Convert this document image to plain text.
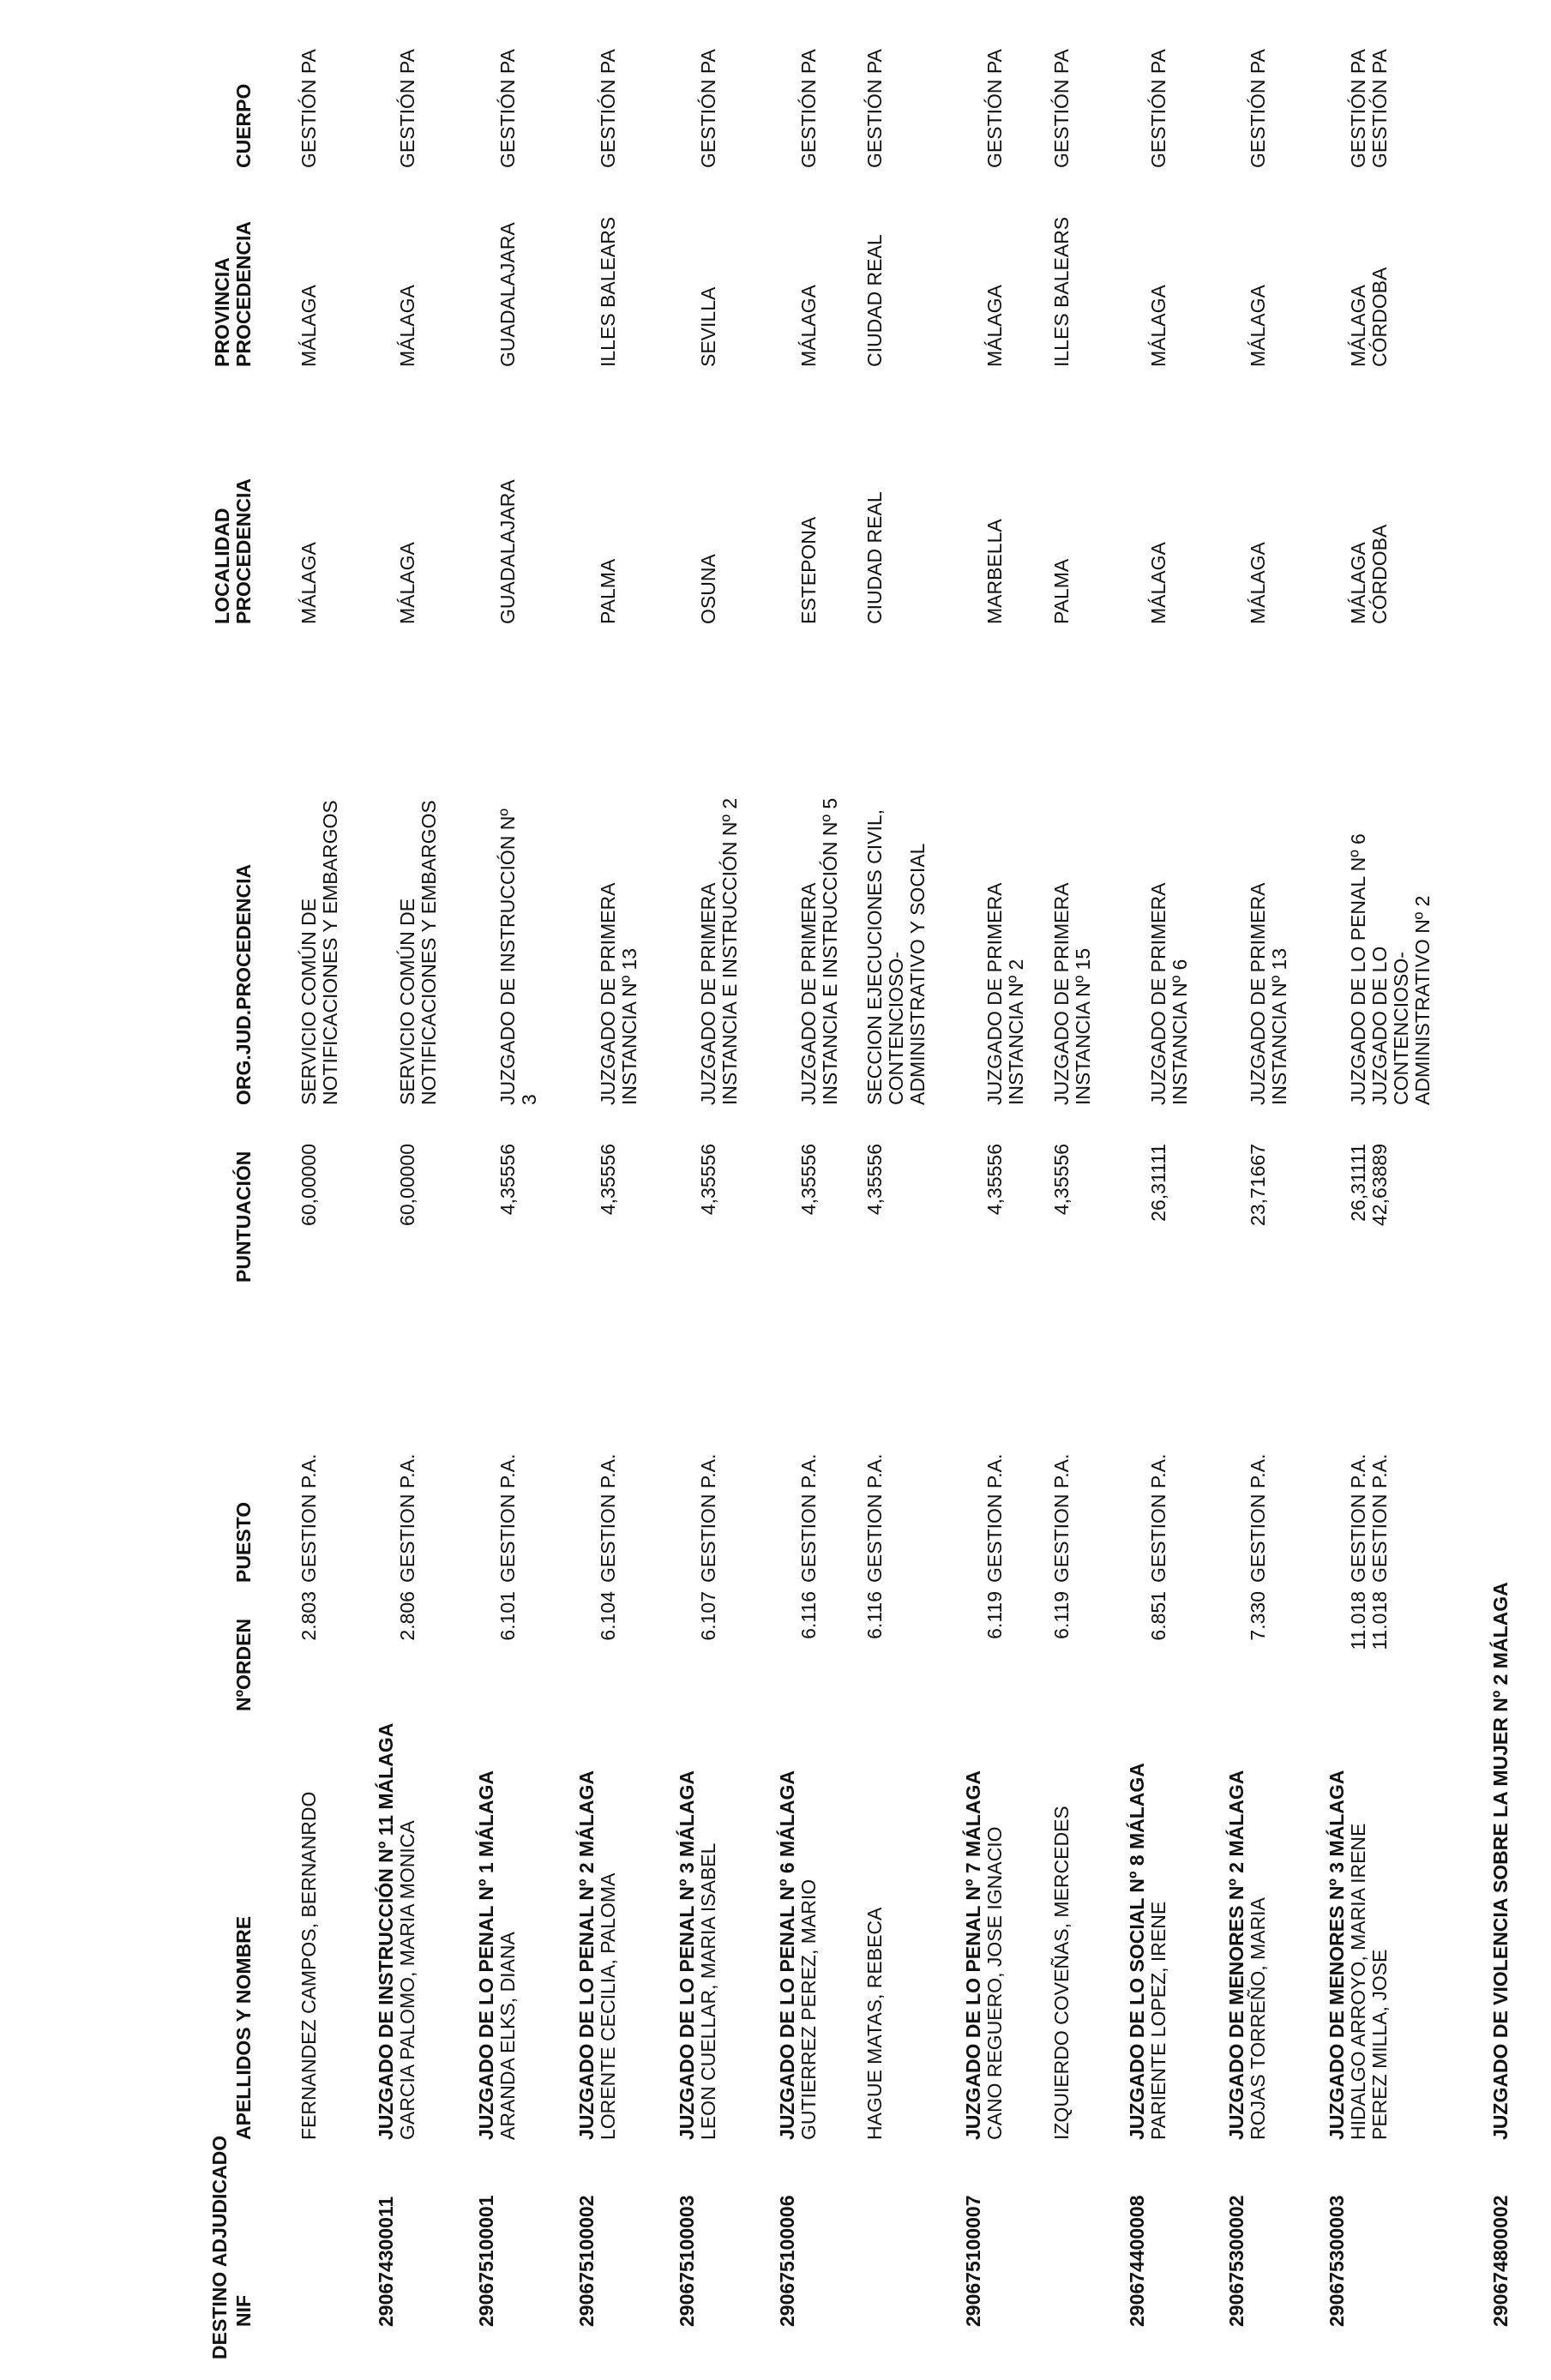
DESTINO ADJUDICADO NIF
APELLIDOS Y NOMBRE
NºORDEN
PUESTO
PUNTUACIÓN
ORG.JUD.PROCEDENCIA
LOCALIDAD PROCEDENCIA
PROVINCIA PROCEDENCIA
CUERPO
FERNANDEZ CAMPOS, BERNANRDO
2.803
GESTION P.A.
60,00000
SERVICIO COMÚN DE NOTIFICACIONES Y EMBARGOS
MÁLAGA
MÁLAGA
GESTIÓN PA
290674300011
JUZGADO DE INSTRUCCIÓN Nº 11 MÁLAGA GARCIA PALOMO, MARIA MONICA
2.806
GESTION P.A.
60,00000
SERVICIO COMÚN DE NOTIFICACIONES Y EMBARGOS
MÁLAGA
MÁLAGA
GESTIÓN PA
290675100001
JUZGADO DE LO PENAL Nº 1 MÁLAGA ARANDA ELKS, DIANA
6.101
GESTION P.A.
4,35556
JUZGADO DE INSTRUCCIÓN Nº 3
GUADALAJARA
GUADALAJARA
GESTIÓN PA
290675100002
JUZGADO DE LO PENAL Nº 2 MÁLAGA LORENTE CECILIA, PALOMA
6.104
GESTION P.A.
4,35556
JUZGADO DE PRIMERA INSTANCIA Nº 13
PALMA
ILLES BALEARS
GESTIÓN PA
290675100003
JUZGADO DE LO PENAL Nº 3 MÁLAGA LEON CUELLAR, MARIA ISABEL
6.107
GESTION P.A.
4,35556
JUZGADO DE PRIMERA INSTANCIA E INSTRUCCIÓN Nº 2
OSUNA
SEVILLA
GESTIÓN PA
290675100006
JUZGADO DE LO PENAL Nº 6 MÁLAGA GUTIERREZ PEREZ, MARIO
6.116
GESTION P.A.
4,35556
JUZGADO DE PRIMERA INSTANCIA E INSTRUCCIÓN Nº 5
ESTEPONA
MÁLAGA
GESTIÓN PA
HAGUE MATAS, REBECA
6.116
GESTION P.A.
4,35556
SECCION EJECUCIONES CIVIL, CONTENCIOSO- ADMINISTRATIVO Y SOCIAL
CIUDAD REAL
CIUDAD REAL
GESTIÓN PA
290675100007
JUZGADO DE LO PENAL Nº 7 MÁLAGA CANO REGUERO, JOSE IGNACIO
6.119
GESTION P.A.
4,35556
JUZGADO DE PRIMERA INSTANCIA Nº 2
MARBELLA
MÁLAGA
GESTIÓN PA
IZQUIERDO COVEÑAS, MERCEDES
6.119
GESTION P.A.
4,35556
JUZGADO DE PRIMERA INSTANCIA Nº 15
PALMA
ILLES BALEARS
GESTIÓN PA
290674400008
JUZGADO DE LO SOCIAL Nº 8 MÁLAGA PARIENTE LOPEZ, IRENE
6.851
GESTION P.A.
26,31111
JUZGADO DE PRIMERA INSTANCIA Nº 6
MÁLAGA
MÁLAGA
GESTIÓN PA
290675300002
JUZGADO DE MENORES Nº 2 MÁLAGA ROJAS TORREÑO, MARIA
7.330
GESTION P.A.
23,71667
JUZGADO DE PRIMERA INSTANCIA Nº 13
MÁLAGA
MÁLAGA
GESTIÓN PA
290675300003
JUZGADO DE MENORES Nº 3 MÁLAGA HIDALGO ARROYO, MARIA IRENE
11.018
GESTION P.A.
26,31111
JUZGADO DE LO PENAL Nº 6
MÁLAGA
MÁLAGA
GESTIÓN PA
PEREZ MILLA, JOSE
11.018
GESTION P.A.
42,63889
JUZGADO DE LO CONTENCIOSO- ADMINISTRATIVO Nº 2
CÓRDOBA
CÓRDOBA
GESTIÓN PA
290674800002
JUZGADO DE VIOLENCIA SOBRE LA MUJER Nº 2 MÁLAGA
